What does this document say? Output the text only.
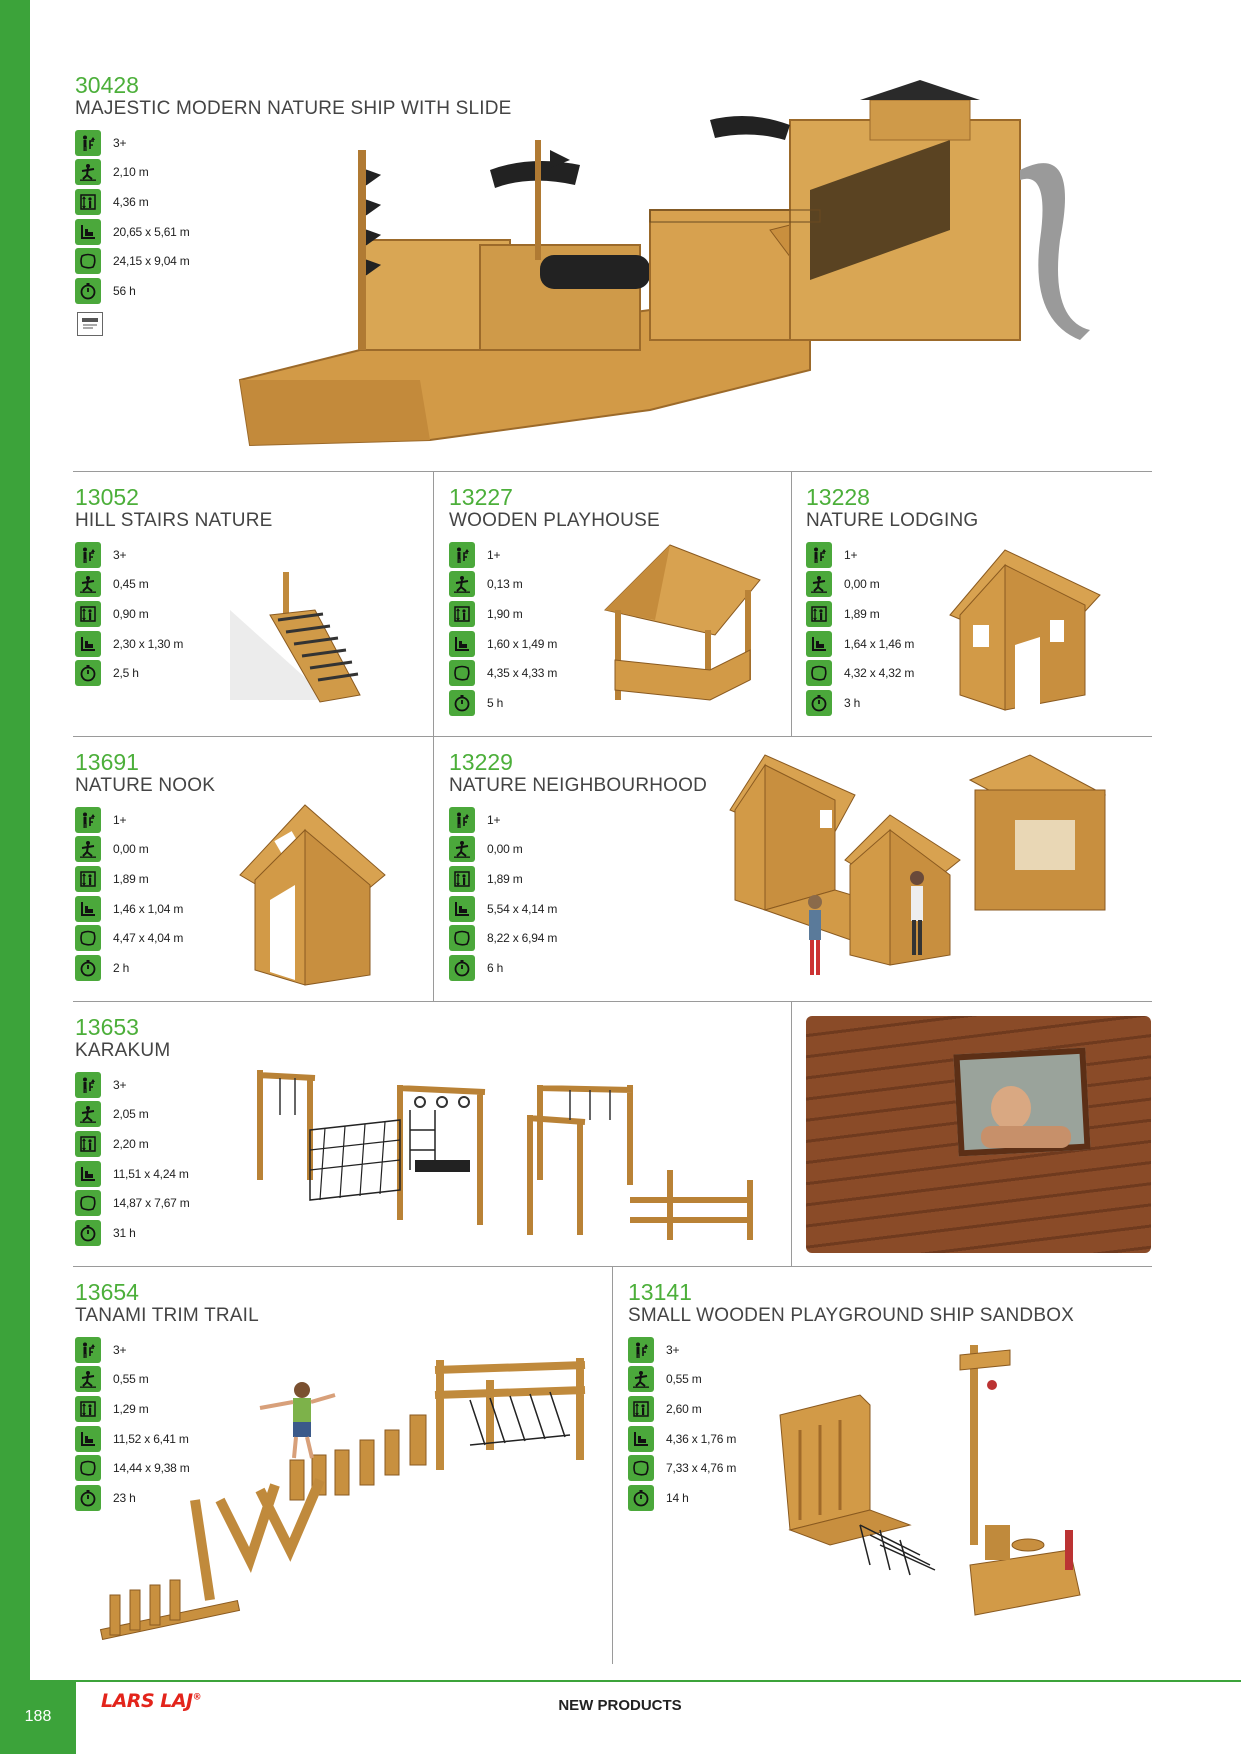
30428
MAJESTIC MODERN NATURE SHIP WITH SLIDE
3+
2,10 m
4,36 m
20,65 x 5,61 m
24,15 x 9,04 m
56 h
13052
HILL STAIRS NATURE
3+
0,45 m
0,90 m
2,30 x 1,30 m
2,5 h
13227
WOODEN PLAYHOUSE
1+
0,13 m
1,90 m
1,60 x 1,49 m
4,35 x 4,33 m
5 h
13228
NATURE LODGING
1+
0,00 m
1,89 m
1,64 x 1,46 m
4,32 x 4,32 m
3 h
13691
NATURE NOOK
1+
0,00 m
1,89 m
1,46 x 1,04 m
4,47 x 4,04 m
2 h
13229
NATURE NEIGHBOURHOOD
1+
0,00 m
1,89 m
5,54 x 4,14 m
8,22 x 6,94 m
6 h
13653
KARAKUM
3+
2,05 m
2,20 m
11,51 x 4,24 m
14,87 x 7,67 m
31 h
13654
TANAMI TRIM TRAIL
3+
0,55 m
1,29 m
11,52 x 6,41 m
14,44 x 9,38 m
23 h
13141
SMALL WOODEN PLAYGROUND SHIP SANDBOX
3+
0,55 m
2,60 m
4,36 x 1,76 m
7,33 x 4,76 m
14 h
188
LARS LAJ®	NEW PRODUCTS
